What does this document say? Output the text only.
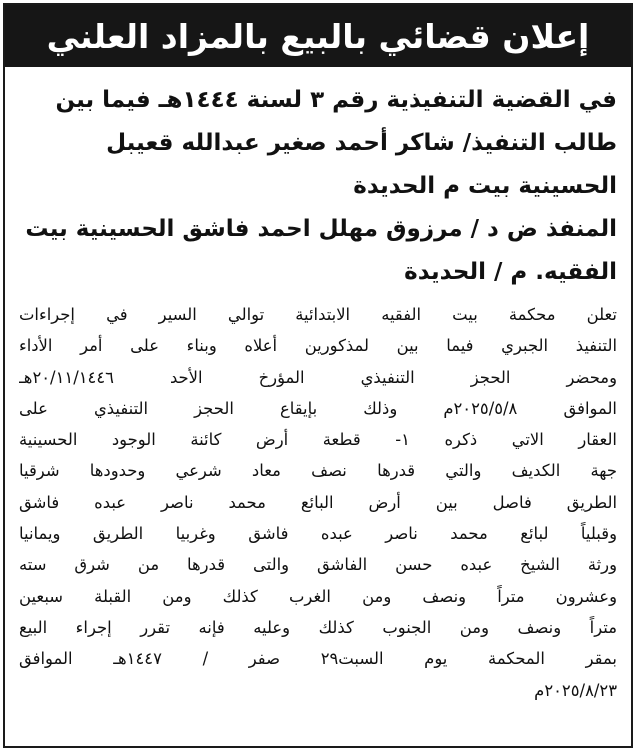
إعلان قضائي بالبيع بالمزاد العلني
في القضية التنفيذية رقم ٣ لسنة ١٤٤٤هـ فيما بين
طالب التنفيذ/ شاكر أحمد صغير عبدالله قعيبل
الحسينية بيت م الحديدة
المنفذ ض د / مرزوق مهلل احمد فاشق الحسينية بيت
الفقيه. م / الحديدة
تعلن محكمة بيت الفقيه الابتدائية توالي السير في إجراءات
التنفيذ الجبري فيما بين لمذكورين أعلاه وبناء على أمر الأداء
ومحضر الحجز التنفيذي المؤرخ الأحد ٢٠/١١/١٤٤٦هـ
الموافق ٢٠٢٥/٥/٨م وذلك بإيقاع الحجز التنفيذي على
العقار الاتي ذكره ١- قطعة أرض كائنة الوجود الحسينية
جهة الكديف والتي قدرها نصف معاد شرعي وحدودها شرقيا
الطريق فاصل بين أرض البائع محمد ناصر عبده فاشق
وقبلياً لبائع محمد ناصر عبده فاشق وغربيا الطريق ويمانيا
ورثة الشيخ عبده حسن الفاشق والتى قدرها من شرق سته
وعشرون متراً ونصف ومن الغرب كذلك ومن القبلة سبعين
متراً ونصف ومن الجنوب كذلك وعليه فإنه تقرر إجراء البيع
بمقر المحكمة يوم السبت٢٩ صفر / ١٤٤٧هـ الموافق
٢٠٢٥/٨/٢٣م
